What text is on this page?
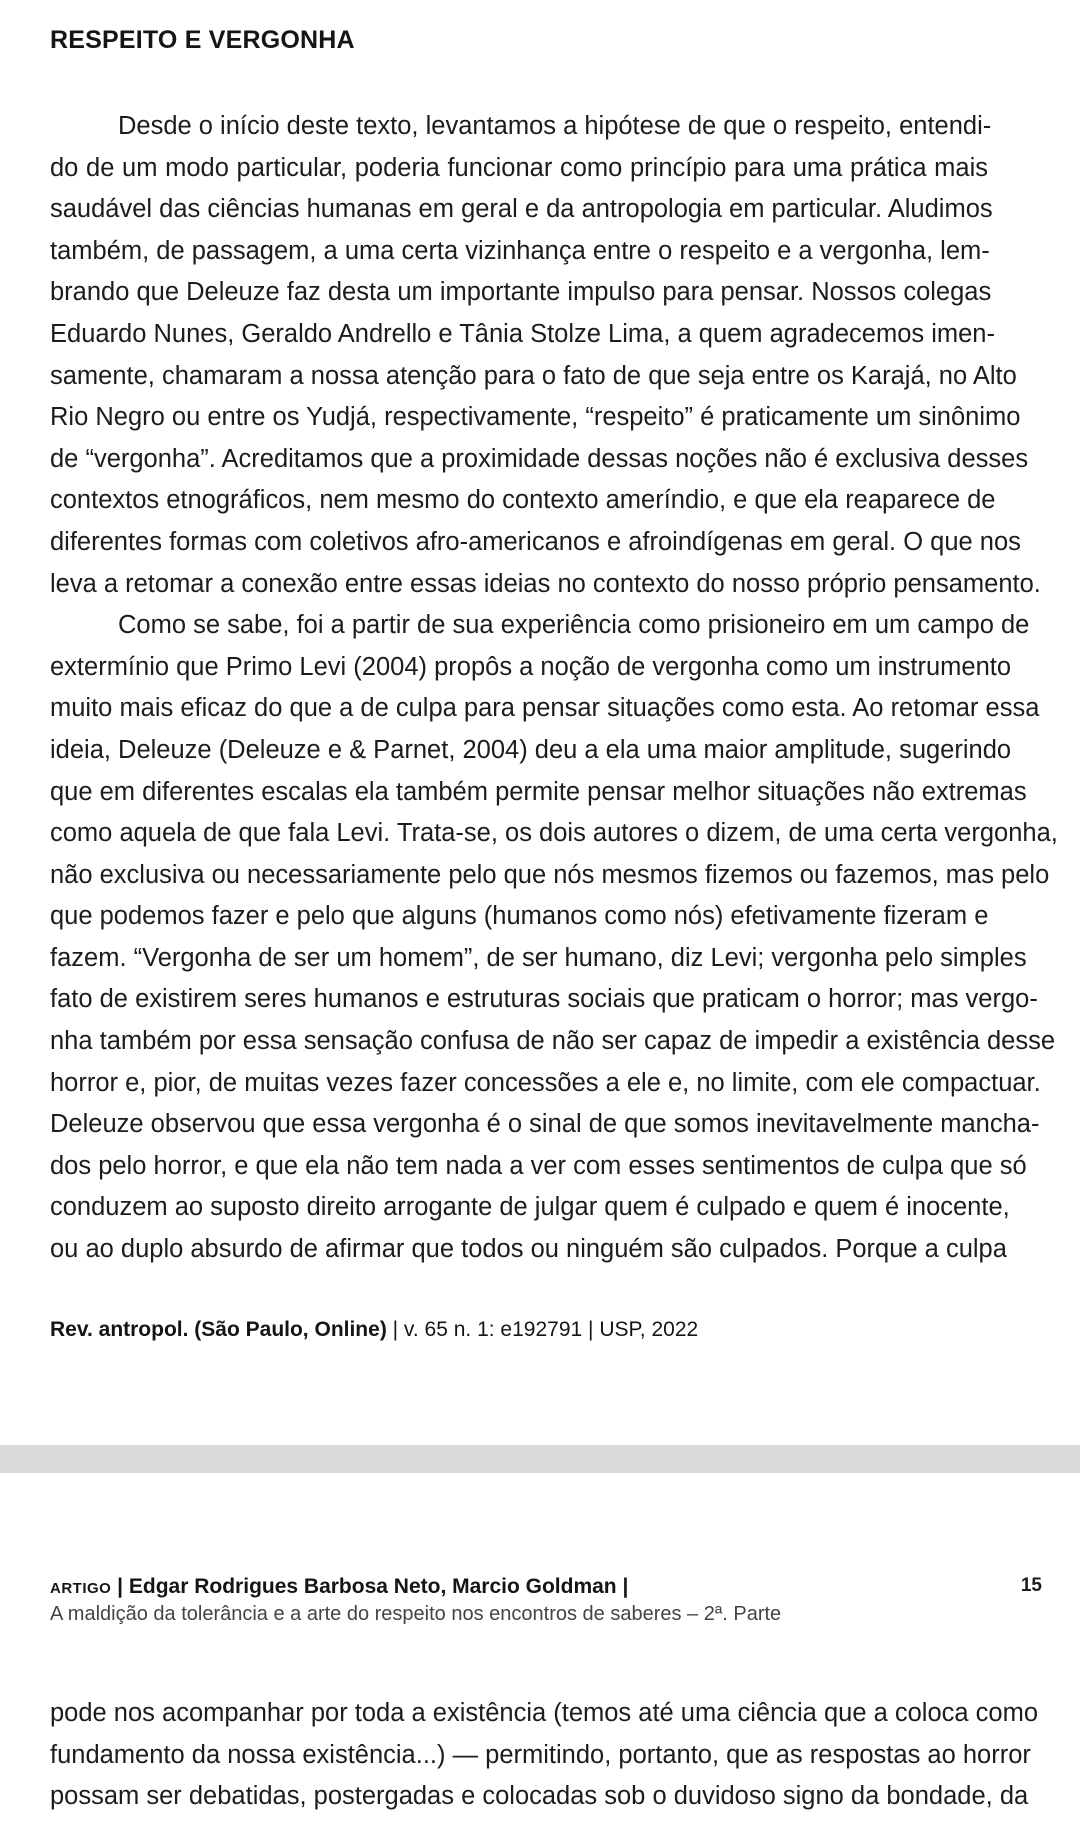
RESPEITO E VERGONHA
Desde o início deste texto, levantamos a hipótese de que o respeito, entendi-
do de um modo particular, poderia funcionar como princípio para uma prática mais
saudável das ciências humanas em geral e da antropologia em particular. Aludimos
também, de passagem, a uma certa vizinhança entre o respeito e a vergonha, lem-
brando que Deleuze faz desta um importante impulso para pensar. Nossos colegas
Eduardo Nunes, Geraldo Andrello e Tânia Stolze Lima, a quem agradecemos imen-
samente, chamaram a nossa atenção para o fato de que seja entre os Karajá, no Alto
Rio Negro ou entre os Yudjá, respectivamente, “respeito” é praticamente um sinônimo
de “vergonha”. Acreditamos que a proximidade dessas noções não é exclusiva desses
contextos etnográficos, nem mesmo do contexto ameríndio, e que ela reaparece de
diferentes formas com coletivos afro-americanos e afroindígenas em geral. O que nos
leva a retomar a conexão entre essas ideias no contexto do nosso próprio pensamento.
Como se sabe, foi a partir de sua experiência como prisioneiro em um campo de
extermínio que Primo Levi (2004) propôs a noção de vergonha como um instrumento
muito mais eficaz do que a de culpa para pensar situações como esta. Ao retomar essa
ideia, Deleuze (Deleuze e & Parnet, 2004) deu a ela uma maior amplitude, sugerindo
que em diferentes escalas ela também permite pensar melhor situações não extremas
como aquela de que fala Levi. Trata-se, os dois autores o dizem, de uma certa vergonha,
não exclusiva ou necessariamente pelo que nós mesmos fizemos ou fazemos, mas pelo
que podemos fazer e pelo que alguns (humanos como nós) efetivamente fizeram e
fazem. “Vergonha de ser um homem”, de ser humano, diz Levi; vergonha pelo simples
fato de existirem seres humanos e estruturas sociais que praticam o horror; mas vergo-
nha também por essa sensação confusa de não ser capaz de impedir a existência desse
horror e, pior, de muitas vezes fazer concessões a ele e, no limite, com ele compactuar.
Deleuze observou que essa vergonha é o sinal de que somos inevitavelmente mancha-
dos pelo horror, e que ela não tem nada a ver com esses sentimentos de culpa que só
conduzem ao suposto direito arrogante de julgar quem é culpado e quem é inocente,
ou ao duplo absurdo de afirmar que todos ou ninguém são culpados. Porque a culpa

Rev. antropol. (São Paulo, Online) | v. 65 n. 1: e192791 | USP, 2022

artigo | Edgar Rodrigues Barbosa Neto, Marcio Goldman |	15
A maldição da tolerância e a arte do respeito nos encontros de saberes – 2ª. Parte
pode nos acompanhar por toda a existência (temos até uma ciência que a coloca como
fundamento da nossa existência...) — permitindo, portanto, que as respostas ao horror
possam ser debatidas, postergadas e colocadas sob o duvidoso signo da bondade, da
